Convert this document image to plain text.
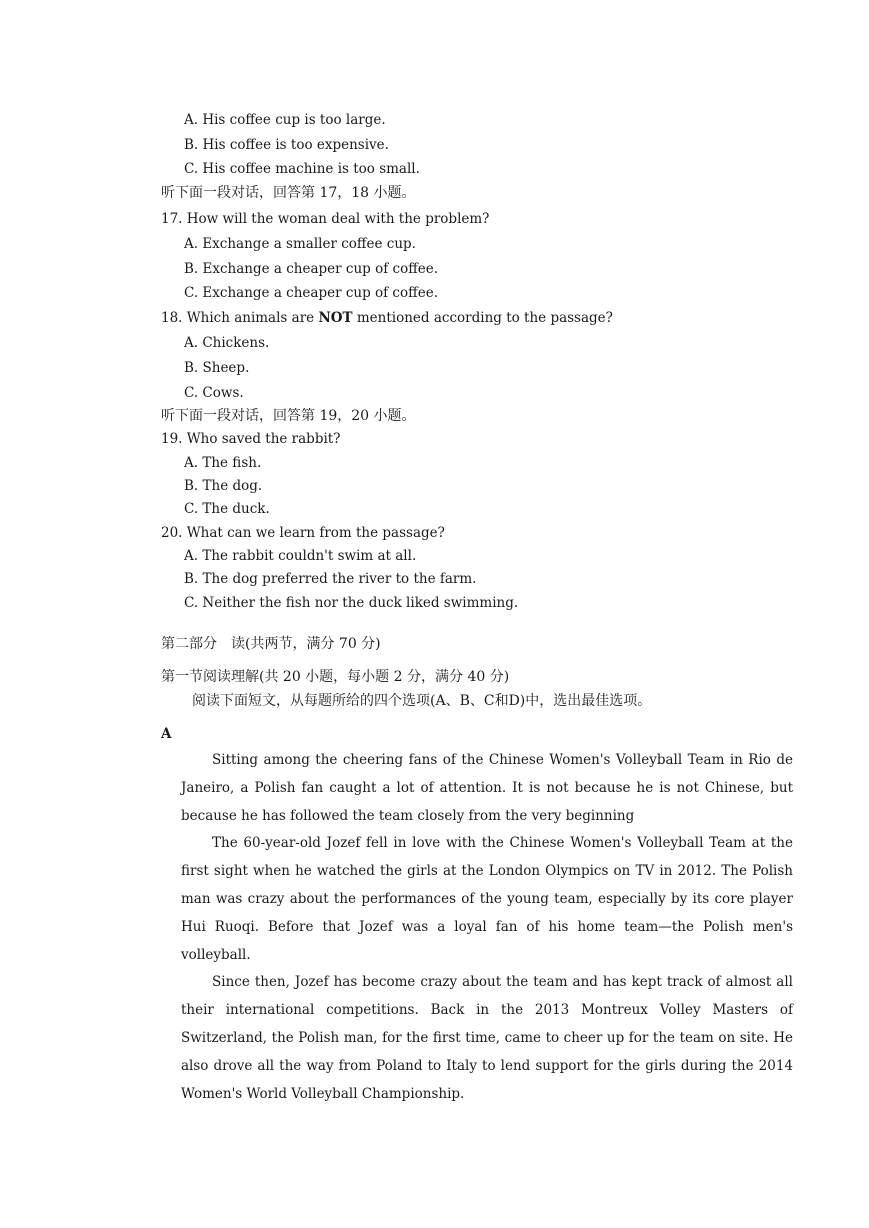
A. His coffee cup is too large.
B. His coffee is too expensive.
C. His coffee machine is too small.
听下面一段对话，回答第 17，18 小题。
17. How will the woman deal with the problem?
A. Exchange a smaller coffee cup.
B. Exchange a cheaper cup of coffee.
C. Exchange a cheaper cup of coffee.
18. Which animals are NOT mentioned according to the passage?
A. Chickens.
B. Sheep.
C. Cows.
听下面一段对话，回答第 19，20 小题。
19. Who saved the rabbit?
A. The fish.
B. The dog.
C. The duck.
20. What can we learn from the passage?
A. The rabbit couldn't swim at all.
B. The dog preferred the river to the farm.
C. Neither the fish nor the duck liked swimming.
第二部分　读(共两节，满分 70 分)
第一节阅读理解(共 20 小题，每小题 2 分，满分 40 分)
阅读下面短文，从每题所给的四个选项(A、B、C和D)中，选出最佳选项。
A

Sitting among the cheering fans of the Chinese Women's Volleyball Team in Rio de Janeiro, a Polish fan caught a lot of attention. It is not because he is not Chinese, but because he has followed the team closely from the very beginning

The 60-year-old Jozef fell in love with the Chinese Women's Volleyball Team at the first sight when he watched the girls at the London Olympics on TV in 2012. The Polish man was crazy about the performances of the young team, especially by its core player Hui Ruoqi. Before that Jozef was a loyal fan of his home team—the Polish men's volleyball.

Since then, Jozef has become crazy about the team and has kept track of almost all their international competitions. Back in the 2013 Montreux Volley Masters of Switzerland, the Polish man, for the first time, came to cheer up for the team on site. He also drove all the way from Poland to Italy to lend support for the girls during the 2014 Women's World Volleyball Championship.
